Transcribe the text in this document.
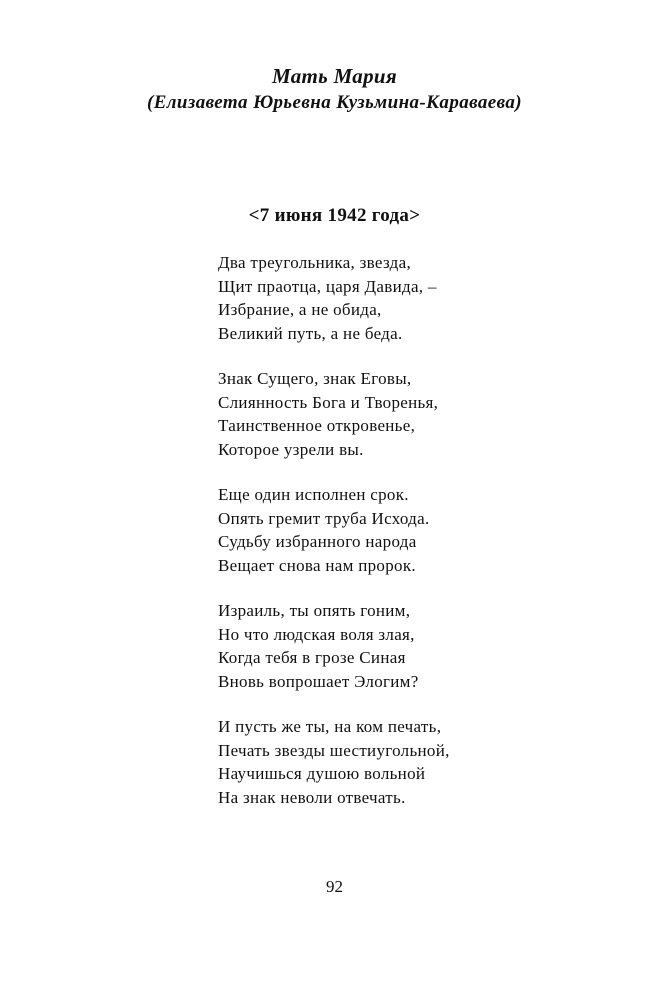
Мать Мария
(Елизавета Юрьевна Кузьмина-Караваева)
<7 июня 1942 года>
Два треугольника, звезда,
Щит праотца, царя Давида, –
Избрание, а не обида,
Великий путь, а не беда.
Знак Сущего, знак Еговы,
Слиянность Бога и Творенья,
Таинственное откровенье,
Которое узрели вы.
Еще один исполнен срок.
Опять гремит труба Исхода.
Судьбу избранного народа
Вещает снова нам пророк.
Израиль, ты опять гоним,
Но что людская воля злая,
Когда тебя в грозе Синая
Вновь вопрошает Элогим?
И пусть же ты, на ком печать,
Печать звезды шестиугольной,
Научишься душою вольной
На знак неволи отвечать.
92
